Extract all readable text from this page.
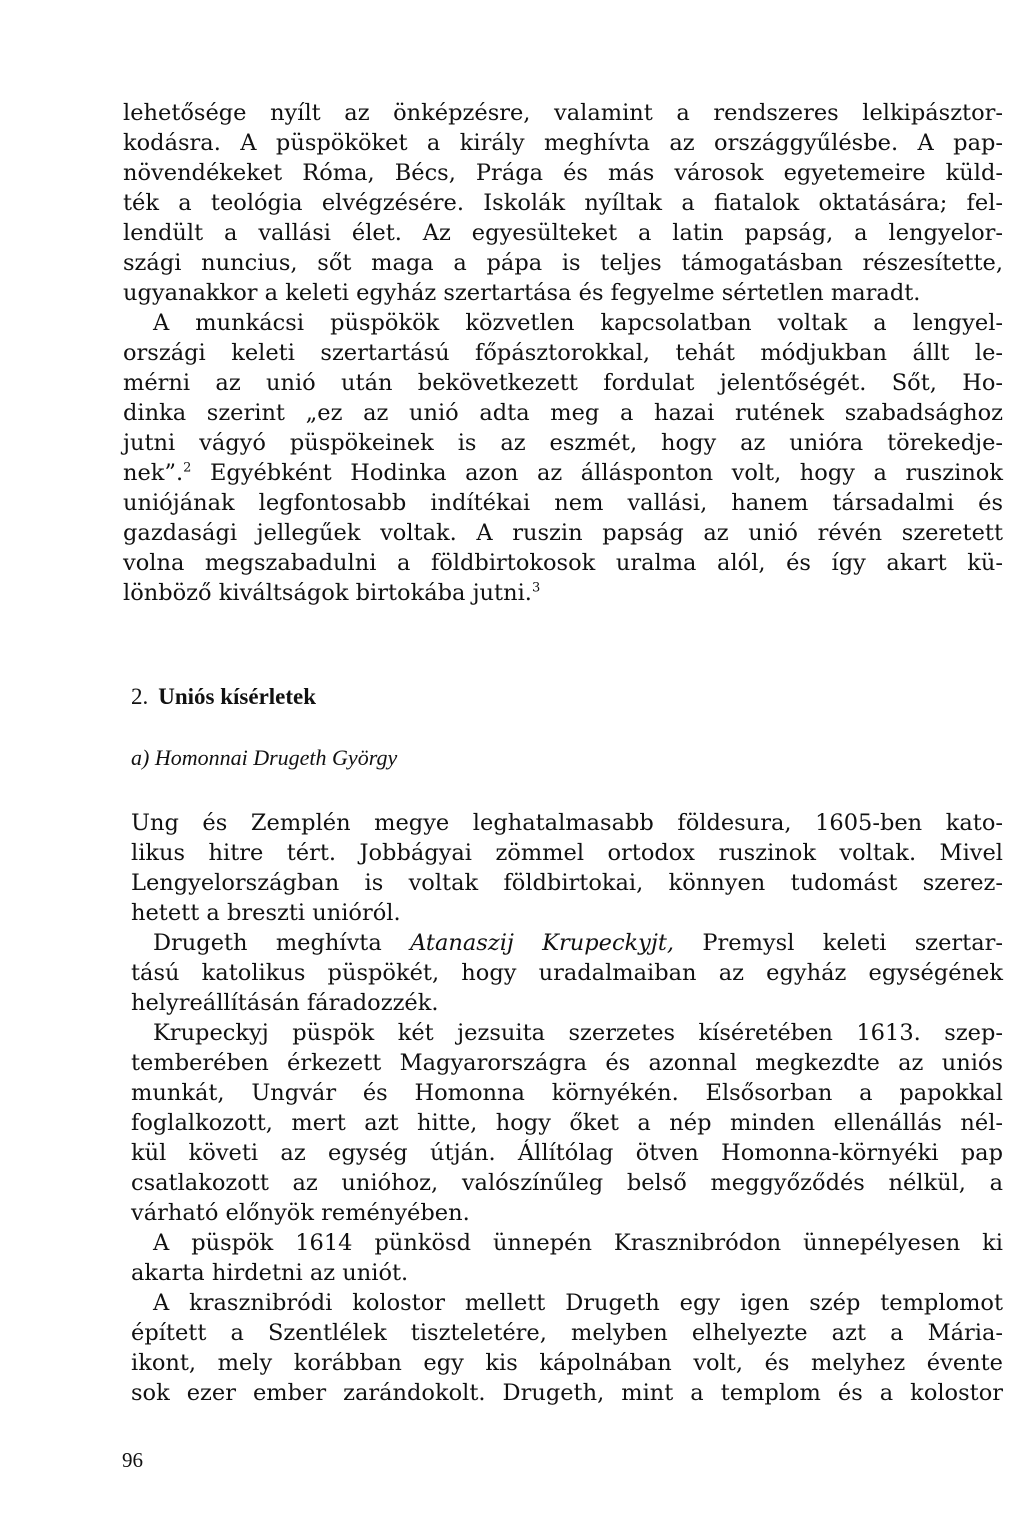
lehetősége nyílt az önképzésre, valamint a rendszeres lelkipásztor-
kodásra. A püspököket a király meghívta az országgyűlésbe. A pap-
növendékeket Róma, Bécs, Prága és más városok egyetemeire küld-
ték a teológia elvégzésére. Iskolák nyíltak a fiatalok oktatására; fel-
lendült a vallási élet. Az egyesülteket a latin papság, a lengyelor-
szági nuncius, sőt maga a pápa is teljes támogatásban részesítette,
ugyanakkor a keleti egyház szertartása és fegyelme sértetlen maradt.

A munkácsi püspökök közvetlen kapcsolatban voltak a lengyel-

országi keleti szertartású főpásztorokkal, tehát módjukban állt le-
mérni az unió után bekövetkezett fordulat jelentőségét. Sőt, Ho-
dinka szerint „ez az unió adta meg a hazai rutének szabadsághoz
jutni vágyó püspökeinek is az eszmét, hogy az unióra törekedje-
nek”.$^2$ Egyébként Hodinka azon az állásponton volt, hogy a ruszinok
uniójának legfontosabb indítékai nem vallási, hanem társadalmi és
gazdasági jellegűek voltak. A ruszin papság az unió révén szeretett
volna megszabadulni a földbirtokosok uralma alól, és így akart kü-
lönböző kiváltságok birtokába jutni.$^3$

2. Uniós kísérletek

a) Homonnai Drugeth György

Ung és Zemplén megye leghatalmasabb földesura, 1605-ben kato-
likus hitre tért. Jobbágyai zömmel ortodox ruszinok voltak. Mivel
Lengyelországban is voltak földbirtokai, könnyen tudomást szerez-
hetett a breszti unióról.

Drugeth meghívta Atanaszij Krupeckyjt, Premysl keleti szertar-
tású katolikus püspökét, hogy uradalmaiban az egyház egységének
helyreállításán fáradozzék.

Krupeckyj püspök két jezsuita szerzetes kíséretében 1613. szep-
temberében érkezett Magyarországra és azonnal megkezdte az uniós
munkát, Ungvár és Homonna környékén. Elsősorban a papokkal
foglalkozott, mert azt hitte, hogy őket a nép minden ellenállás nél-
kül követi az egység útján. Állítólag ötven Homonna-környéki pap
csatlakozott az unióhoz, valószínűleg belső meggyőződés nélkül, a
várható előnyök reményében.

A püspök 1614 pünkösd ünnepén Krasznibródon ünnepélyesen ki
akarta hirdetni az uniót.

A krasznibródi kolostor mellett Drugeth egy igen szép templomot
épített a Szentlélek tiszteletére, melyben elhelyezte azt a Mária-
ikont, mely korábban egy kis kápolnában volt, és melyhez évente
sok ezer ember zarándokolt. Drugeth, mint a templom és a kolostor

96
